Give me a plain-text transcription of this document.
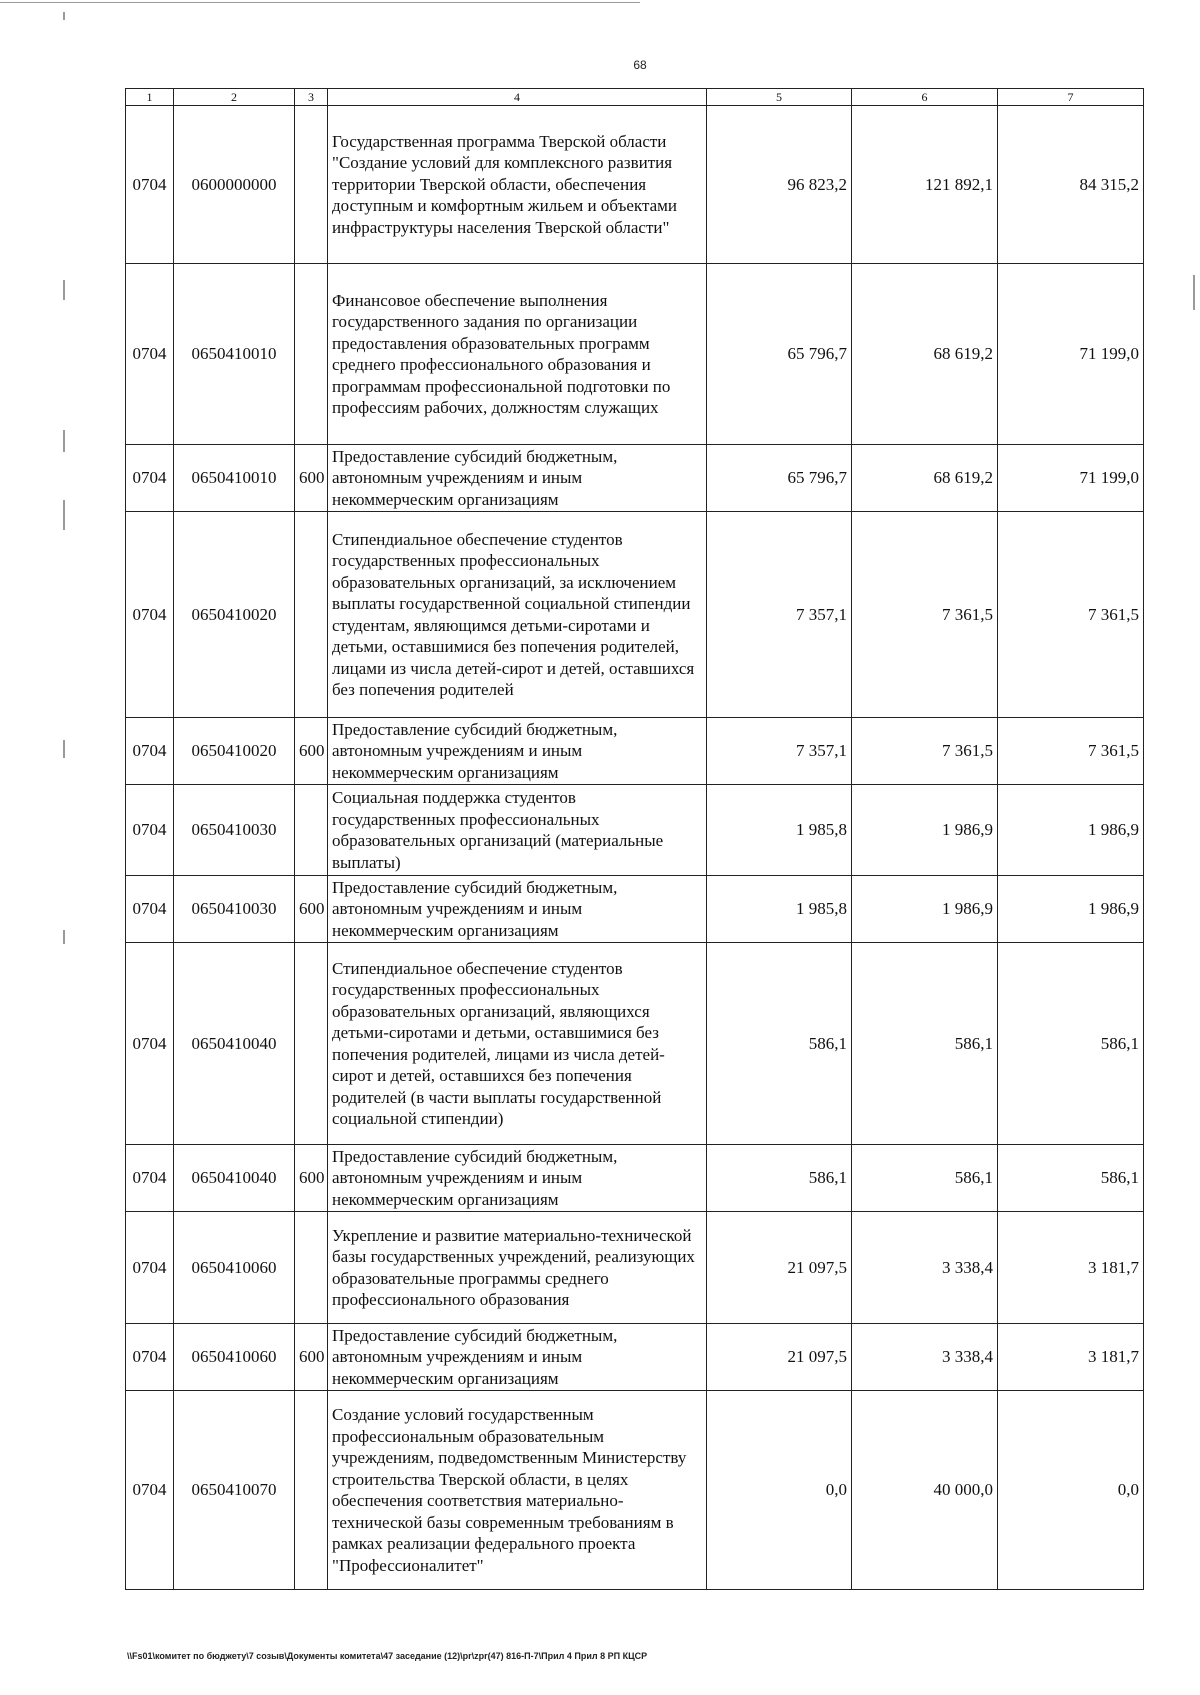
68
1	2	3	4	5	6	7
0704	0600000000		Государственная программа Тверской области "Создание условий для комплексного развития территории Тверской области, обеспечения доступным и комфортным жильем и объектами инфраструктуры населения Тверской области"	96 823,2	121 892,1	84 315,2
0704	0650410010		Финансовое обеспечение выполнения государственного задания по организации предоставления образовательных программ среднего профессионального образования и программам профессиональной подготовки по профессиям рабочих, должностям служащих	65 796,7	68 619,2	71 199,0
0704	0650410010	600	Предоставление субсидий бюджетным, автономным учреждениям и иным некоммерческим организациям	65 796,7	68 619,2	71 199,0
0704	0650410020		Стипендиальное обеспечение студентов государственных профессиональных образовательных организаций, за исключением выплаты государственной социальной стипендии студентам, являющимся детьми-сиротами и детьми, оставшимися без попечения родителей, лицами из числа детей-сирот и детей, оставшихся без попечения родителей	7 357,1	7 361,5	7 361,5
0704	0650410020	600	Предоставление субсидий бюджетным, автономным учреждениям и иным некоммерческим организациям	7 357,1	7 361,5	7 361,5
0704	0650410030		Социальная поддержка студентов государственных профессиональных образовательных организаций (материальные выплаты)	1 985,8	1 986,9	1 986,9
0704	0650410030	600	Предоставление субсидий бюджетным, автономным учреждениям и иным некоммерческим организациям	1 985,8	1 986,9	1 986,9
0704	0650410040		Стипендиальное обеспечение студентов государственных профессиональных образовательных организаций, являющихся детьми-сиротами и детьми, оставшимися без попечения родителей, лицами из числа детей-сирот и детей, оставшихся без попечения родителей (в части выплаты государственной социальной стипендии)	586,1	586,1	586,1
0704	0650410040	600	Предоставление субсидий бюджетным, автономным учреждениям и иным некоммерческим организациям	586,1	586,1	586,1
0704	0650410060		Укрепление и развитие материально-технической базы государственных учреждений, реализующих образовательные программы среднего профессионального образования	21 097,5	3 338,4	3 181,7
0704	0650410060	600	Предоставление субсидий бюджетным, автономным учреждениям и иным некоммерческим организациям	21 097,5	3 338,4	3 181,7
0704	0650410070		Создание условий государственным профессиональным образовательным учреждениям, подведомственным Министерству строительства Тверской области, в целях обеспечения соответствия материально-технической базы современным требованиям в рамках реализации федерального проекта "Профессионалитет"	0,0	40 000,0	0,0
\\Fs01\комитет по бюджету\7 созыв\Документы комитета\47 заседание (12)\pr\zpr(47) 816-П-7\Прил 4 Прил 8 РП КЦСР
